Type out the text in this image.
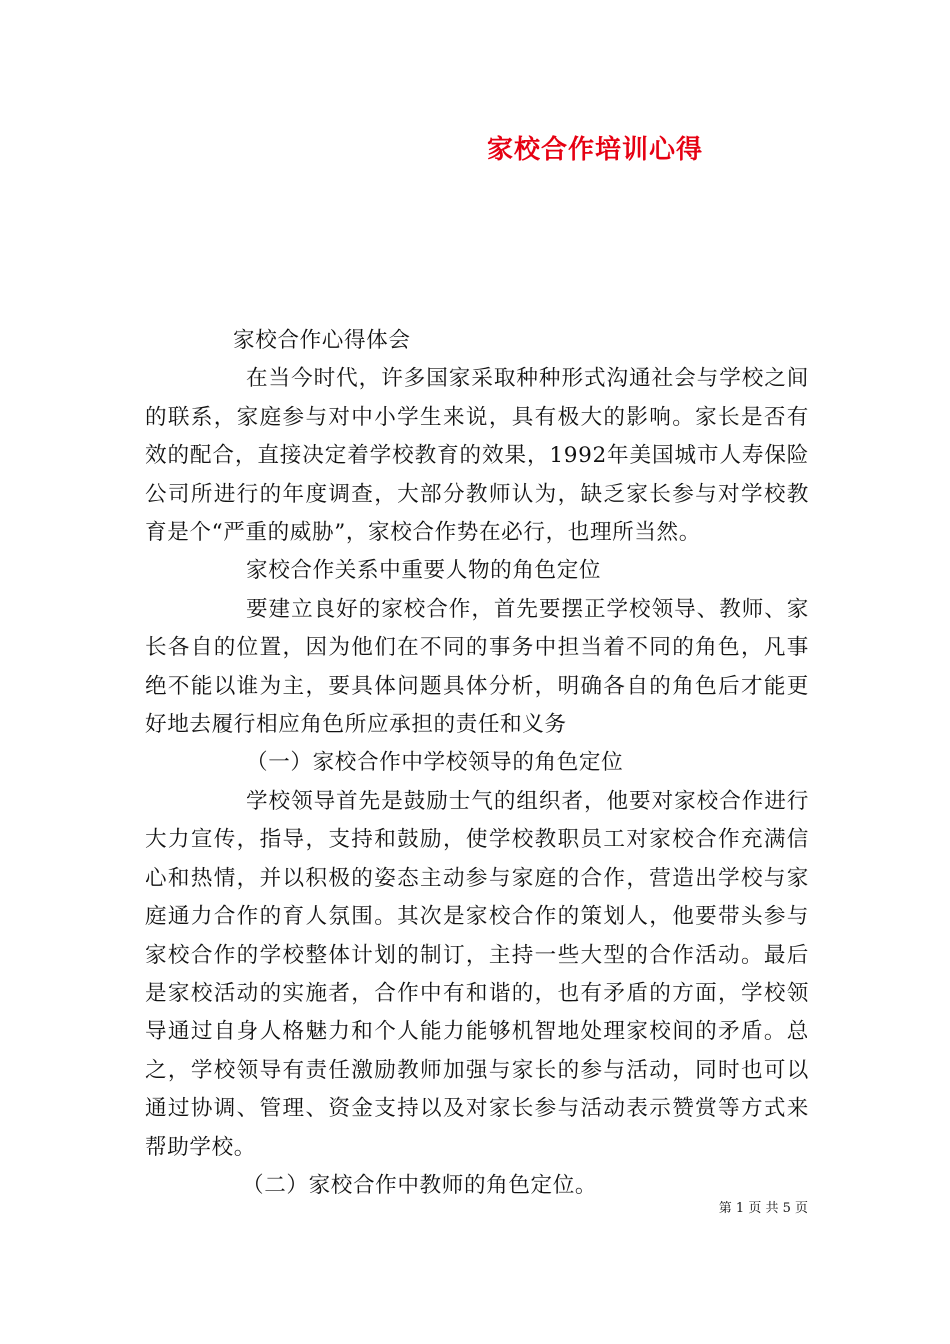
家校合作培训心得

家校合作心得体会

在当今时代，许多国家采取种种形式沟通社会与学校之间的联系，家庭参与对中小学生来说，具有极大的影响。家长是否有效的配合，直接决定着学校教育的效果，1992年美国城市人寿保险公司所进行的年度调查，大部分教师认为，缺乏家长参与对学校教育是个“严重的威胁”，家校合作势在必行，也理所当然。

家校合作关系中重要人物的角色定位

要建立良好的家校合作，首先要摆正学校领导、教师、家长各自的位置，因为他们在不同的事务中担当着不同的角色，凡事绝不能以谁为主，要具体问题具体分析，明确各自的角色后才能更好地去履行相应角色所应承担的责任和义务

（一）家校合作中学校领导的角色定位

学校领导首先是鼓励士气的组织者，他要对家校合作进行大力宣传，指导，支持和鼓励，使学校教职员工对家校合作充满信心和热情，并以积极的姿态主动参与家庭的合作，营造出学校与家庭通力合作的育人氛围。其次是家校合作的策划人，他要带头参与家校合作的学校整体计划的制订，主持一些大型的合作活动。最后是家校活动的实施者，合作中有和谐的，也有矛盾的方面，学校领导通过自身人格魅力和个人能力能够机智地处理家校间的矛盾。总之，学校领导有责任激励教师加强与家长的参与活动，同时也可以通过协调、管理、资金支持以及对家长参与活动表示赞赏等方式来帮助学校。

（二）家校合作中教师的角色定位。

第 1 页 共 5 页
